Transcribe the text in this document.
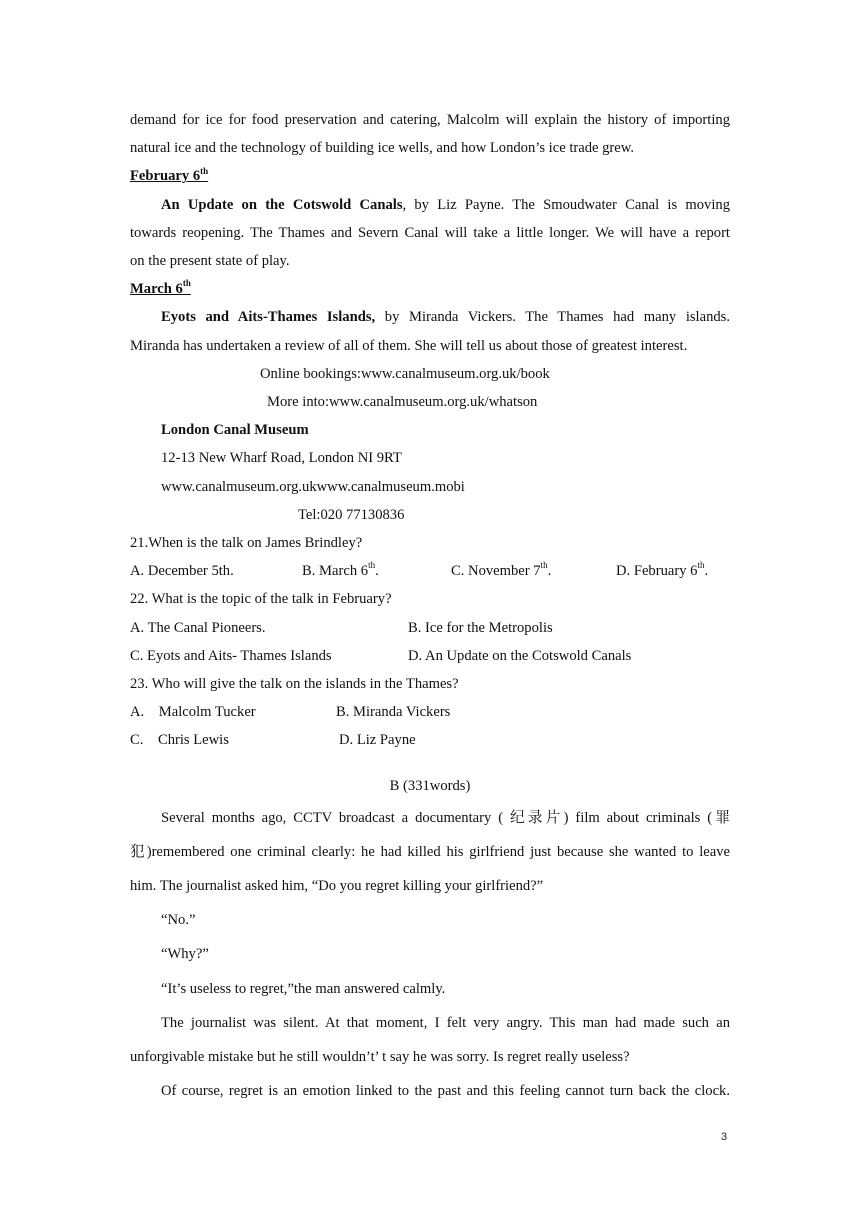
demand for ice for food preservation and catering, Malcolm will explain the history of importing

natural ice and the technology of building ice wells, and how London’s ice trade grew.

February 6th

An Update on the Cotswold Canals, by Liz Payne. The Smoudwater Canal is moving

towards reopening. The Thames and Severn Canal will take a little longer. We will have a report

on the present state of play.

March 6th

Eyots and Aits-Thames Islands, by Miranda Vickers. The Thames had many islands.

Miranda has undertaken a review of all of them. She will tell us about those of greatest interest.

Online bookings:www.canalmuseum.org.uk/book

More into:www.canalmuseum.org.uk/whatson

London Canal Museum

12-13 New Wharf Road, London NI 9RT

www.canalmuseum.org.ukwww.canalmuseum.mobi

Tel:020 77130836

21.When is the talk on James Brindley?

A. December 5th.	B. March 6th.	C. November 7th.	D. February 6th.

22. What is the topic of the talk in February?

A. The Canal Pioneers.	B. Ice for the Metropolis
C. Eyots and Aits- Thames Islands	D. An Update on the Cotswold Canals

23. Who will give the talk on the islands in the Thames?

A.    Malcolm Tucker	B. Miranda Vickers
C.    Chris Lewis	D. Liz Payne

B (331words)

Several months ago, CCTV broadcast a documentary ( 纪录片) film about criminals (罪

犯)remembered one criminal clearly: he had killed his girlfriend just because she wanted to leave

him. The journalist asked him, “Do you regret killing your girlfriend?”

“No.”

“Why?”

“It’s useless to regret,”the man answered calmly.

The journalist was silent. At that moment, I felt very angry. This man had made such an

unforgivable mistake but he still wouldn’t’ t say he was sorry. Is regret really useless?

Of course, regret is an emotion linked to the past and this feeling cannot turn back the clock.

3
